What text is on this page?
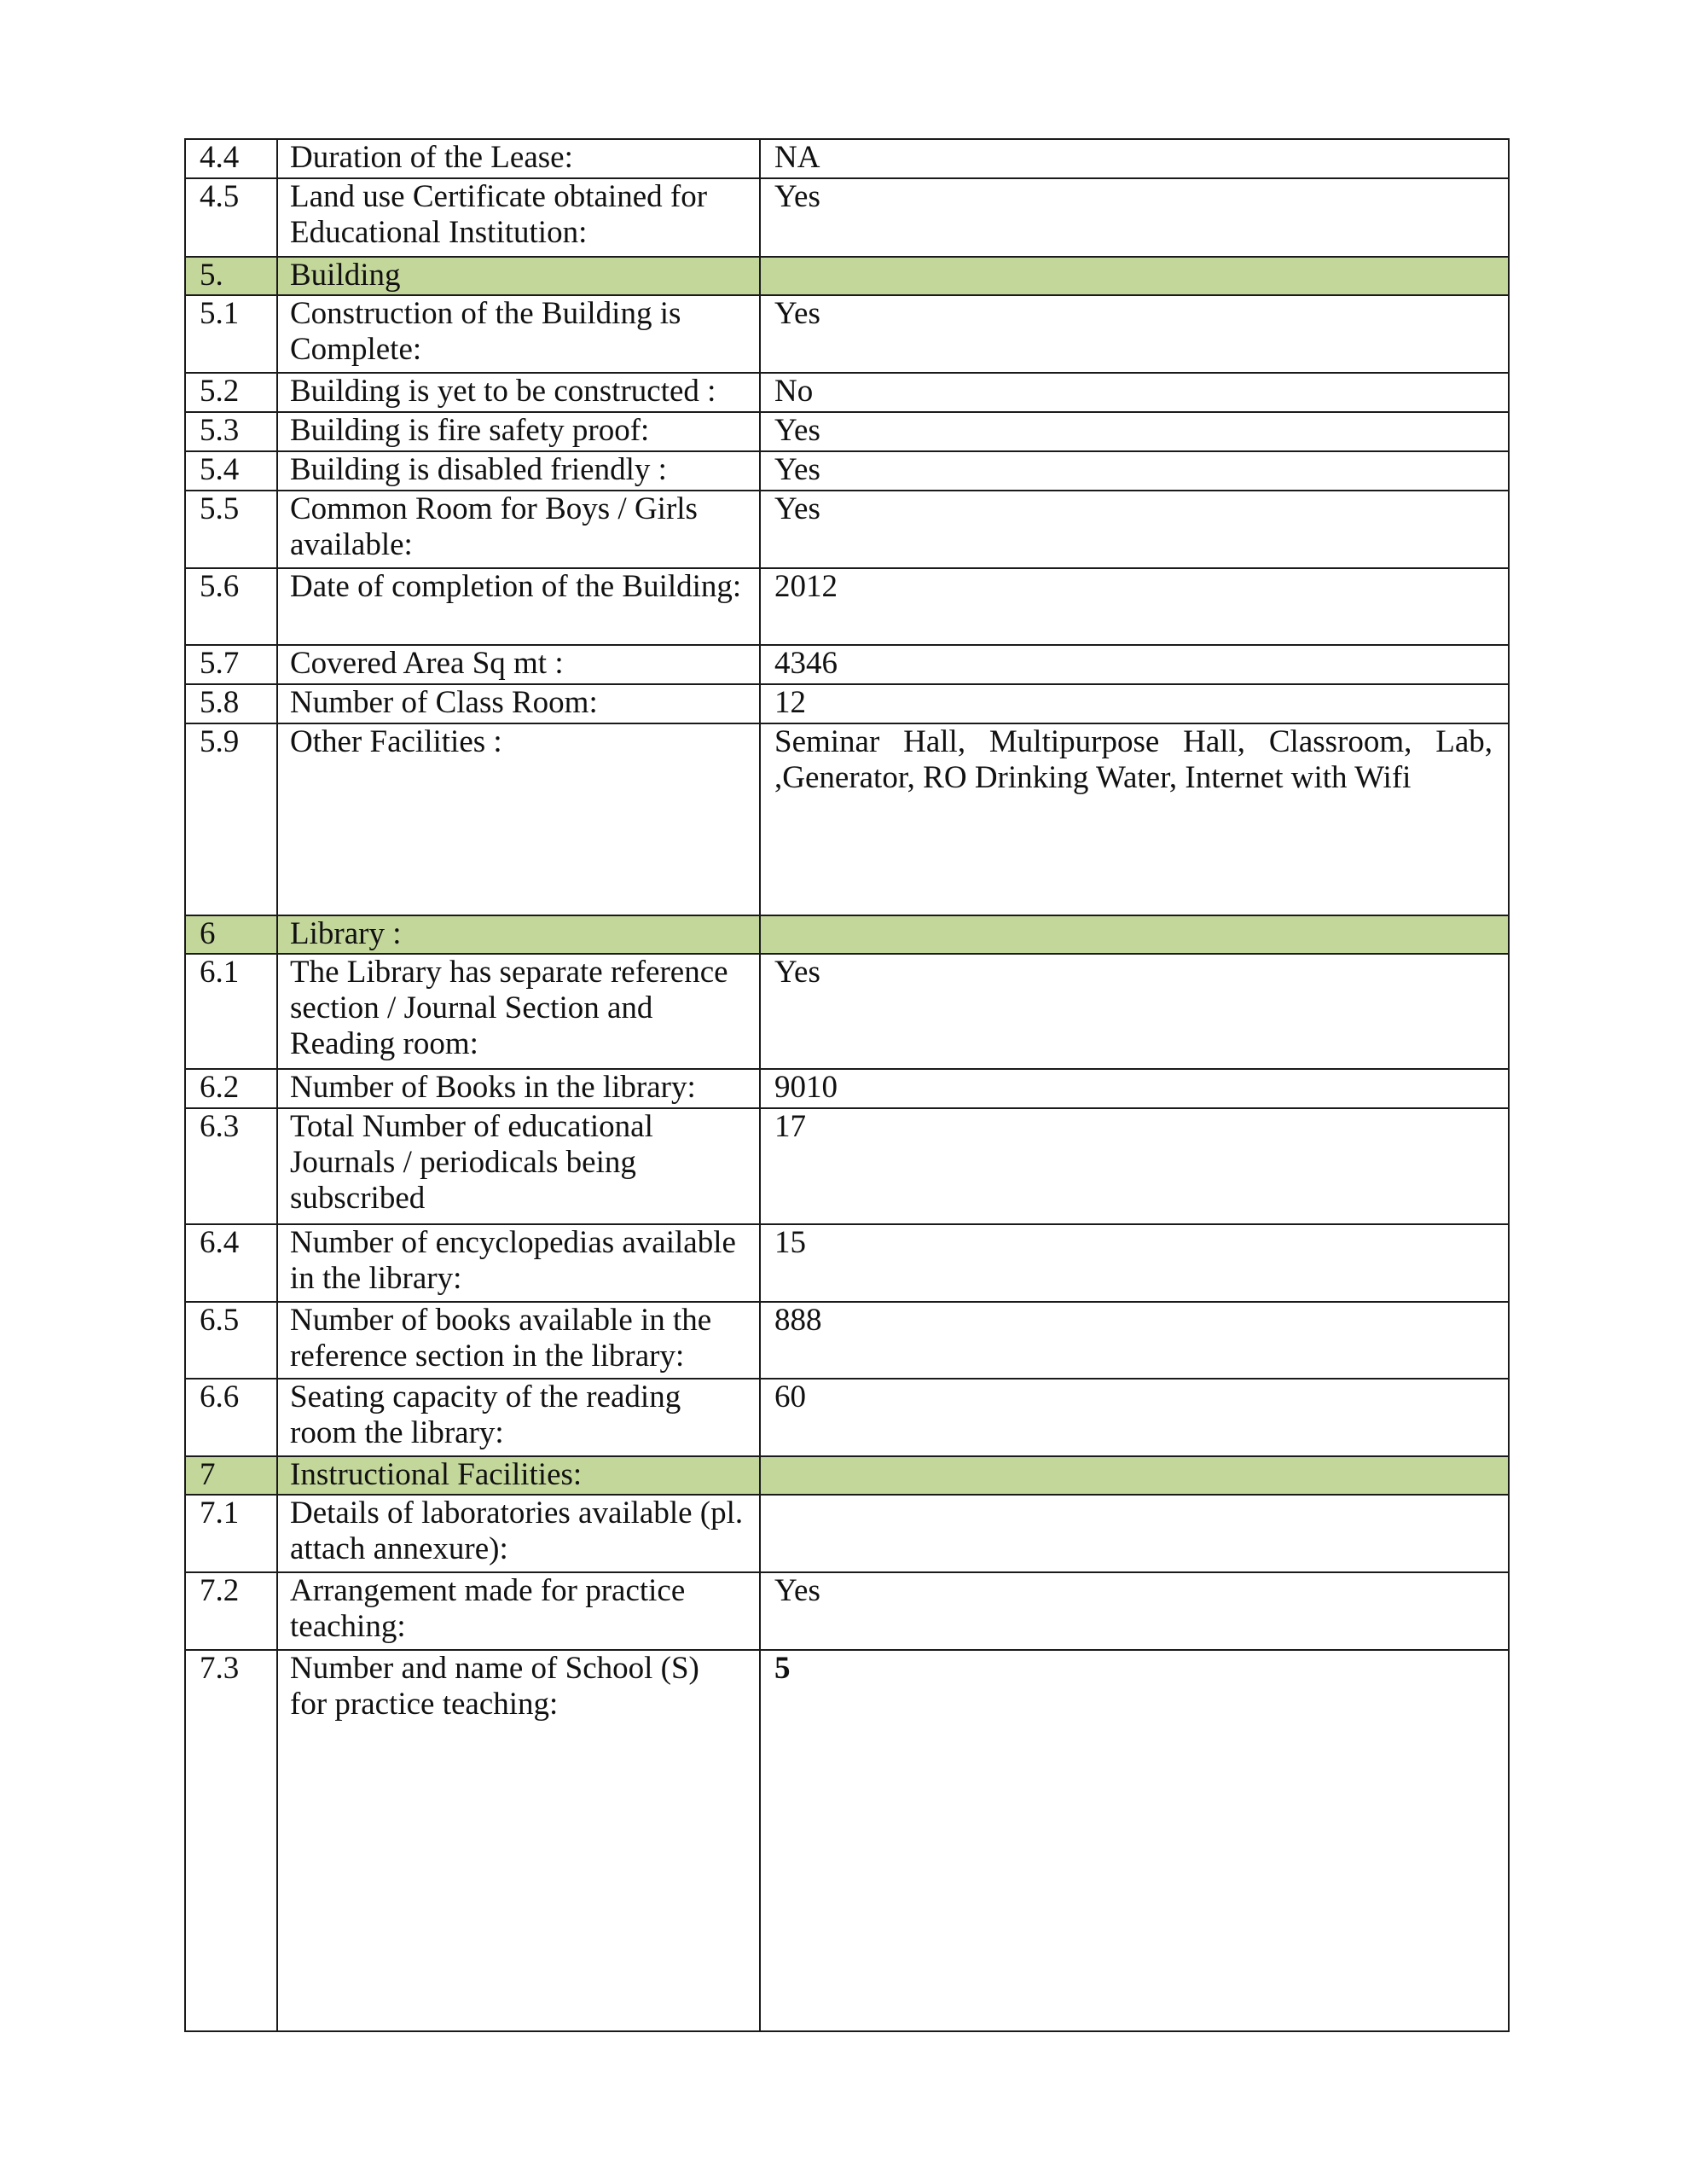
4.4	Duration of the Lease:	NA
4.5	Land use Certificate obtained for Educational Institution:	Yes
5.	Building	
5.1	Construction of the Building is Complete:	Yes
5.2	Building is yet to be constructed :	No
5.3	Building is fire safety proof:	Yes
5.4	Building is disabled friendly :	Yes
5.5	Common Room for Boys / Girls available:	Yes
5.6	Date of completion of the Building:	2012
5.7	Covered Area Sq mt :	4346
5.8	Number of Class Room:	12
5.9	Other Facilities :	Seminar Hall, Multipurpose Hall, Classroom, Lab, ,Generator, RO Drinking Water, Internet with Wifi
6	Library :	
6.1	The Library has separate reference section / Journal Section and Reading room:	Yes
6.2	Number of Books in the library:	9010
6.3	Total Number of educational Journals / periodicals being subscribed	17
6.4	Number of encyclopedias available in the library:	15
6.5	Number of books available in the reference section in the library:	888
6.6	Seating capacity of the reading room the library:	60
7	Instructional Facilities:	
7.1	Details of laboratories available (pl. attach annexure):	
7.2	Arrangement made for practice teaching:	Yes
7.3	Number and name of School (S) for practice teaching:	5
